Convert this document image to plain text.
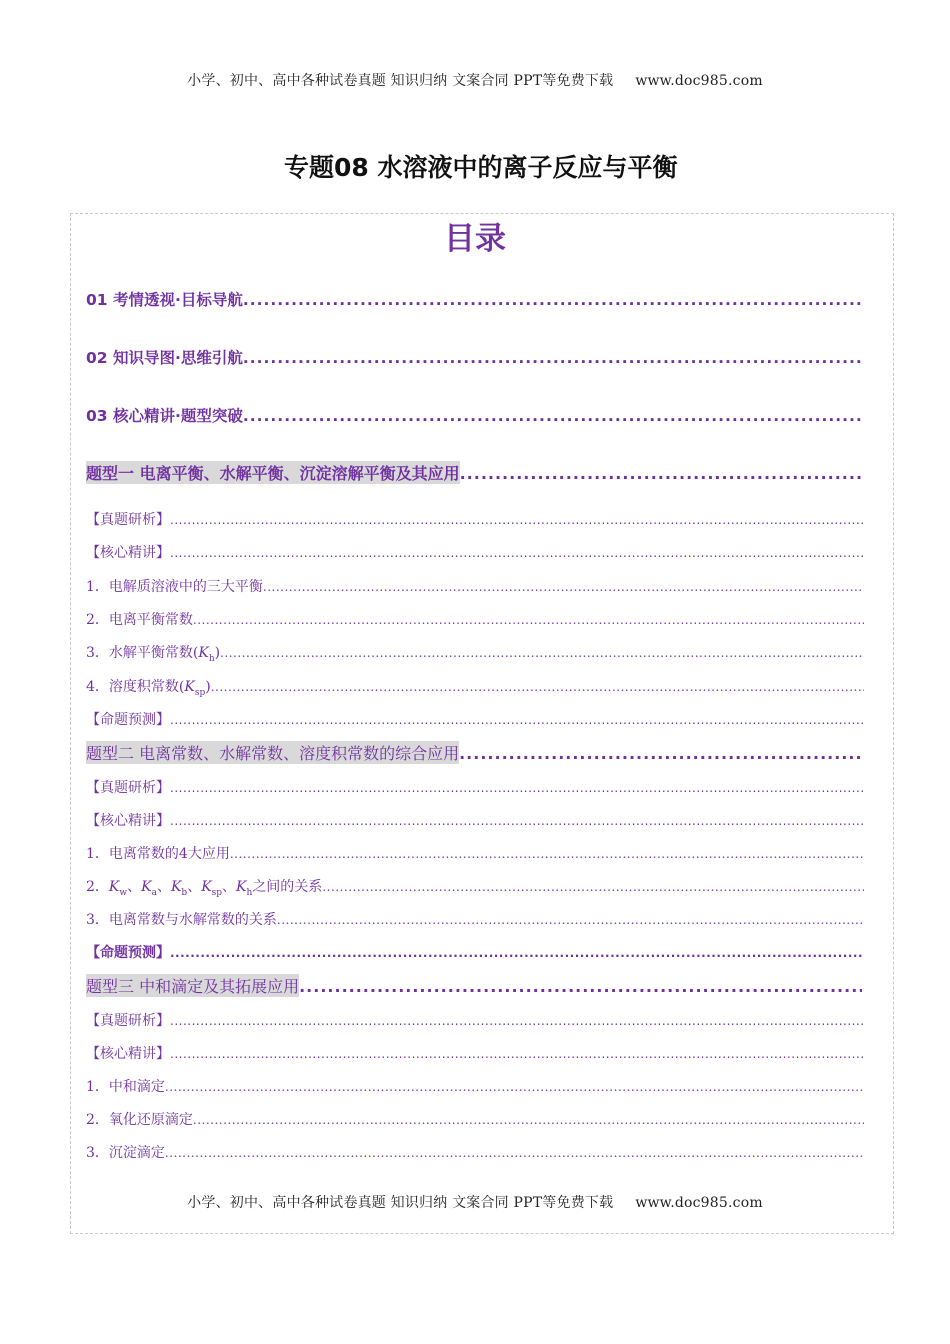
小学、初中、高中各种试卷真题 知识归纳 文案合同 PPT等免费下载 www.doc985.com
专题08 水溶液中的离子反应与平衡
目录
01 考情透视·目标导航
.....
02 知识导图·思维引航
.....
03 核心精讲·题型突破
.....
题型一 电离平衡、水解平衡、沉淀溶解平衡及其应用
.....
【真题研析】
.....
【核心精讲】
.....
1．电解质溶液中的三大平衡
.....
2．电离平衡常数
.....
3．水解平衡常数$(K_h)$
.....
4．溶度积常数$(K_{sp})$
.....
【命题预测】
.....
题型二 电离常数、水解常数、溶度积常数的综合应用
.....
【真题研析】
.....
【核心精讲】
.....
1．电离常数的4大应用
.....
2．$K_w$、$K_a$、$K_b$、$K_{sp}$、$K_h$之间的关系
.....
3．电离常数与水解常数的关系
.....
【命题预测】
.....
题型三 中和滴定及其拓展应用
.....
【真题研析】
.....
【核心精讲】
.....
1．中和滴定
.....
2．氧化还原滴定
.....
3．沉淀滴定
.....
小学、初中、高中各种试卷真题 知识归纳 文案合同 PPT等免费下载 www.doc985.com
